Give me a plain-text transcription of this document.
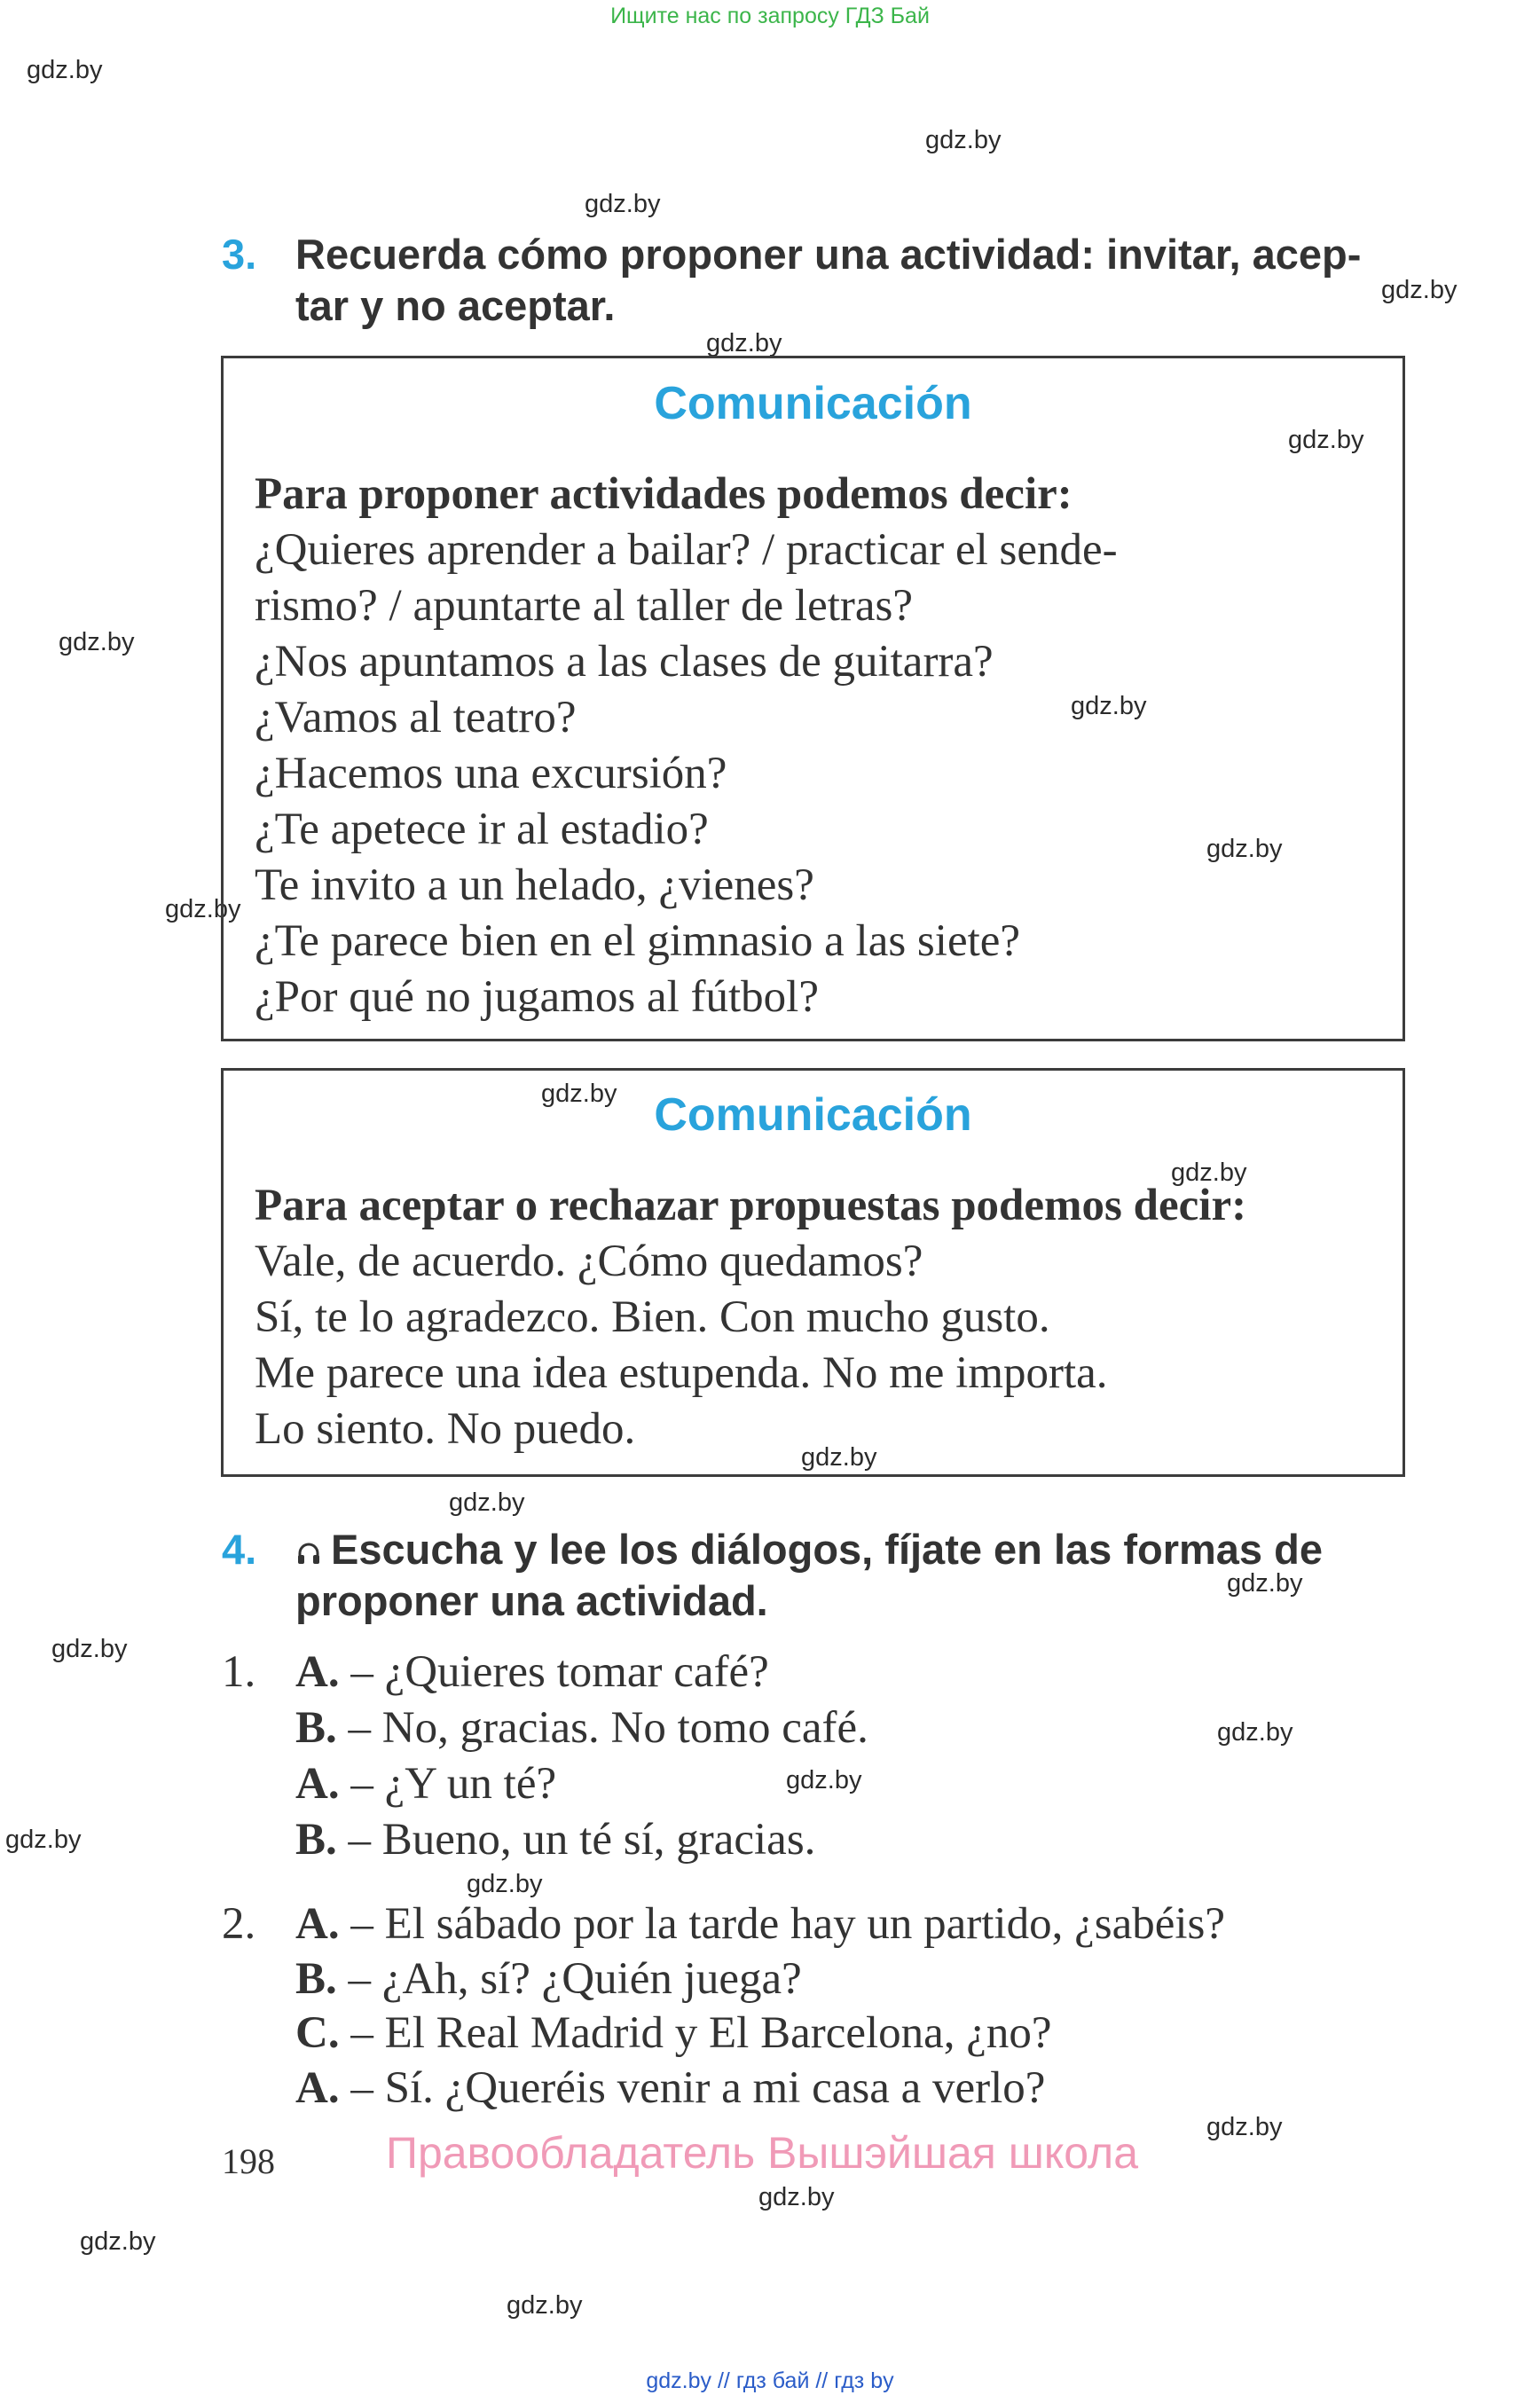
Ищите нас по запросу ГДЗ Бай
gdz.by
gdz.by
gdz.by
gdz.by
gdz.by
gdz.by
gdz.by
gdz.by
gdz.by
gdz.by
gdz.by
gdz.by
gdz.by
gdz.by
gdz.by
gdz.by
gdz.by
gdz.by
gdz.by
gdz.by
gdz.by
gdz.by
gdz.by
gdz.by
3. Recuerda cómo proponer una actividad: invitar, acep-
tar y no aceptar.
Comunicación
Para proponer actividades podemos decir:
¿Quieres aprender a bailar? / practicar el sende-
rismo? / apuntarte al taller de letras?
¿Nos apuntamos a las clases de guitarra?
¿Vamos al teatro?
¿Hacemos una excursión?
¿Te apetece ir al estadio?
Te invito a un helado, ¿vienes?
¿Te parece bien en el gimnasio a las siete?
¿Por qué no jugamos al fútbol?
Comunicación
Para aceptar o rechazar propuestas podemos decir:
Vale, de acuerdo. ¿Cómo quedamos?
Sí, te lo agradezco. Bien. Con mucho gusto.
Me parece una idea estupenda. No me importa.
Lo siento. No puedo.
4.	Escucha y lee los diálogos, fíjate en las formas de
proponer una actividad.
1. A. – ¿Quieres tomar café?
B. – No, gracias. No tomo café.
A. – ¿Y un té?
B. – Bueno, un té sí, gracias.
2. A. – El sábado por la tarde hay un partido, ¿sabéis?
B. – ¿Ah, sí? ¿Quién juega?
C. – El Real Madrid y El Barcelona, ¿no?
A. – Sí. ¿Queréis venir a mi casa a verlo?
198	Правообладатель Вышэйшая школа
gdz.by // гдз бай // гдз by
